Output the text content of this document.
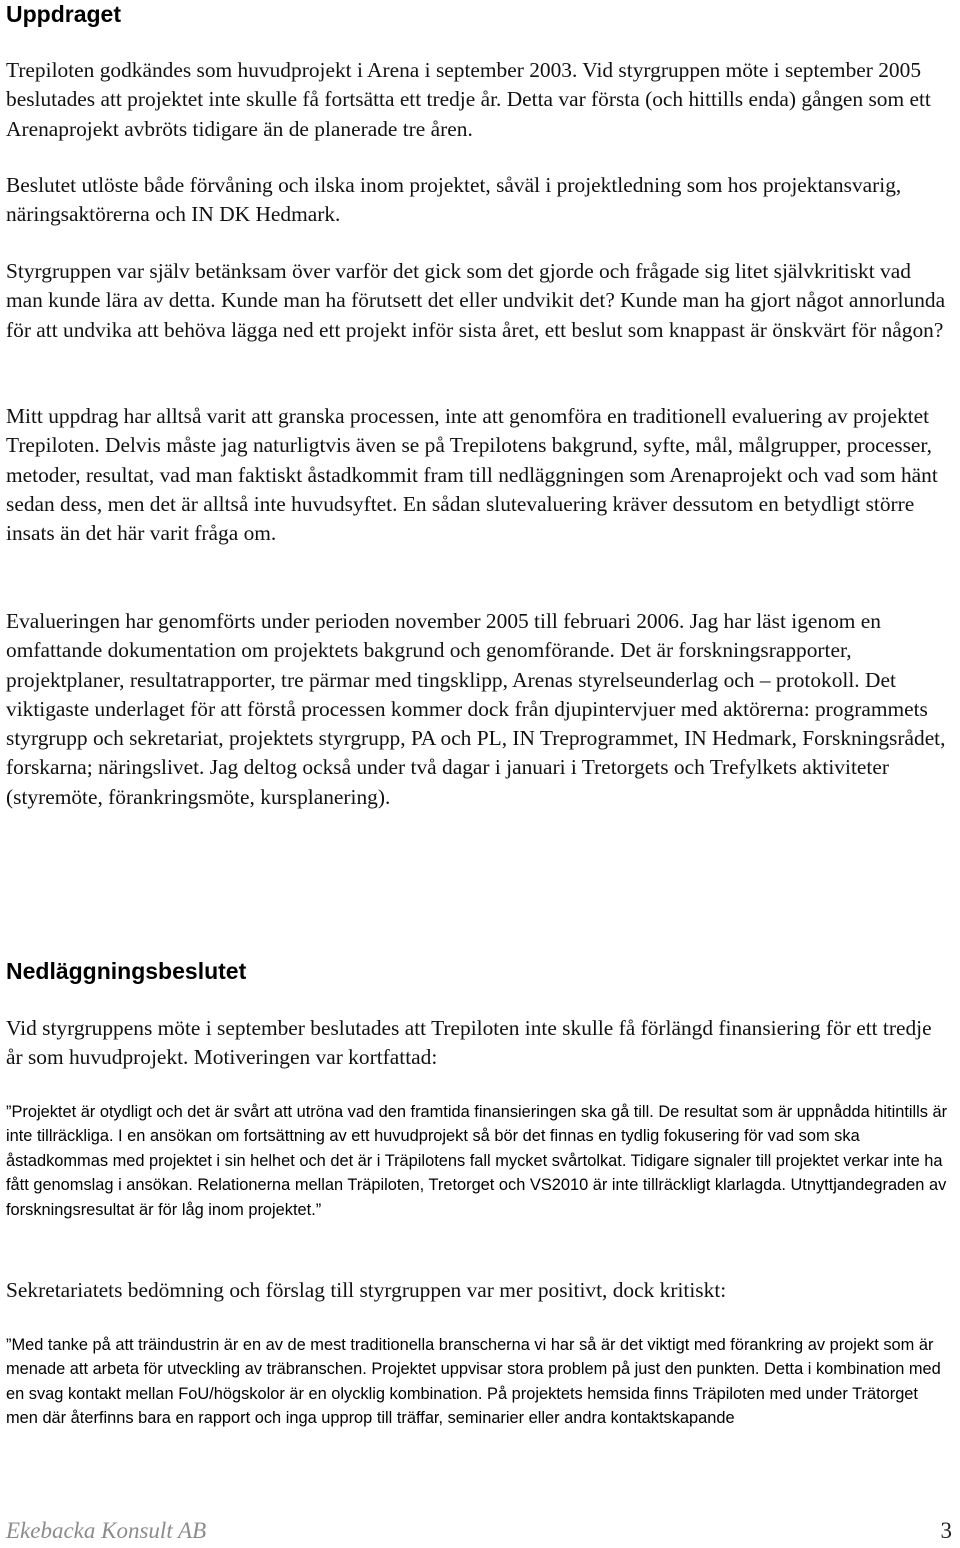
Uppdraget

Trepiloten godkändes som huvudprojekt i Arena i september 2003. Vid styrgruppen möte i september 2005 beslutades att projektet inte skulle få fortsätta ett tredje år. Detta var första (och hittills enda) gången som ett Arenaprojekt avbröts tidigare än de planerade tre åren.

Beslutet utlöste både förvåning och ilska inom projektet, såväl i projektledning som hos projektansvarig, näringsaktörerna och IN DK Hedmark.

Styrgruppen var själv betänksam över varför det gick som det gjorde och frågade sig litet självkritiskt vad man kunde lära av detta. Kunde man ha förutsett det eller undvikit det? Kunde man ha gjort något annorlunda för att undvika att behöva lägga ned ett projekt inför sista året, ett beslut som knappast är önskvärt för någon?

Mitt uppdrag har alltså varit att granska processen, inte att genomföra en traditionell evaluering av projektet Trepiloten. Delvis måste jag naturligtvis även se på Trepilotens bakgrund, syfte, mål, målgrupper, processer, metoder, resultat, vad man faktiskt åstadkommit fram till nedläggningen som Arenaprojekt och vad som hänt sedan dess, men det är alltså inte huvudsyftet. En sådan slutevaluering kräver dessutom en betydligt större insats än det här varit fråga om.

Evalueringen har genomförts under perioden november 2005 till februari 2006. Jag har läst igenom en omfattande dokumentation om projektets bakgrund och genomförande. Det är forskningsrapporter, projektplaner, resultatrapporter, tre pärmar med tingsklipp, Arenas styrelseunderlag och – protokoll. Det viktigaste underlaget för att förstå processen kommer dock från djupintervjuer med aktörerna: programmets styrgrupp och sekretariat, projektets styrgrupp, PA och PL, IN Treprogrammet, IN Hedmark, Forskningsrådet, forskarna; näringslivet. Jag deltog också under två dagar i januari i Tretorgets och Trefylkets aktiviteter (styremöte, förankringsmöte, kursplanering).

Nedläggningsbeslutet

Vid styrgruppens möte i september beslutades att Trepiloten inte skulle få förlängd finansiering för ett tredje år som huvudprojekt. Motiveringen var kortfattad:

”Projektet är otydligt och det är svårt att utröna vad den framtida finansieringen ska gå till. De resultat som är uppnådda hitintills är inte tillräckliga. I en ansökan om fortsättning av ett huvudprojekt så bör det finnas en tydlig fokusering för vad som ska åstadkommas med projektet i sin helhet och det är i Träpilotens fall mycket svårtolkat. Tidigare signaler till projektet verkar inte ha fått genomslag i ansökan. Relationerna mellan Träpiloten, Tretorget och VS2010 är inte tillräckligt klarlagda. Utnyttjandegraden av forskningsresultat är för låg inom projektet.”

Sekretariatets bedömning och förslag till styrgruppen var mer positivt, dock kritiskt:

”Med tanke på att träindustrin är en av de mest traditionella branscherna vi har så är det viktigt med förankring av projekt som är menade att arbeta för utveckling av träbranschen. Projektet uppvisar stora problem på just den punkten. Detta i kombination med en svag kontakt mellan FoU/högskolor är en olycklig kombination. På projektets hemsida finns Träpiloten med under Trätorget men där återfinns bara en rapport och inga upprop till träffar, seminarier eller andra kontaktskapande

Ekebacka Konsult AB	3
